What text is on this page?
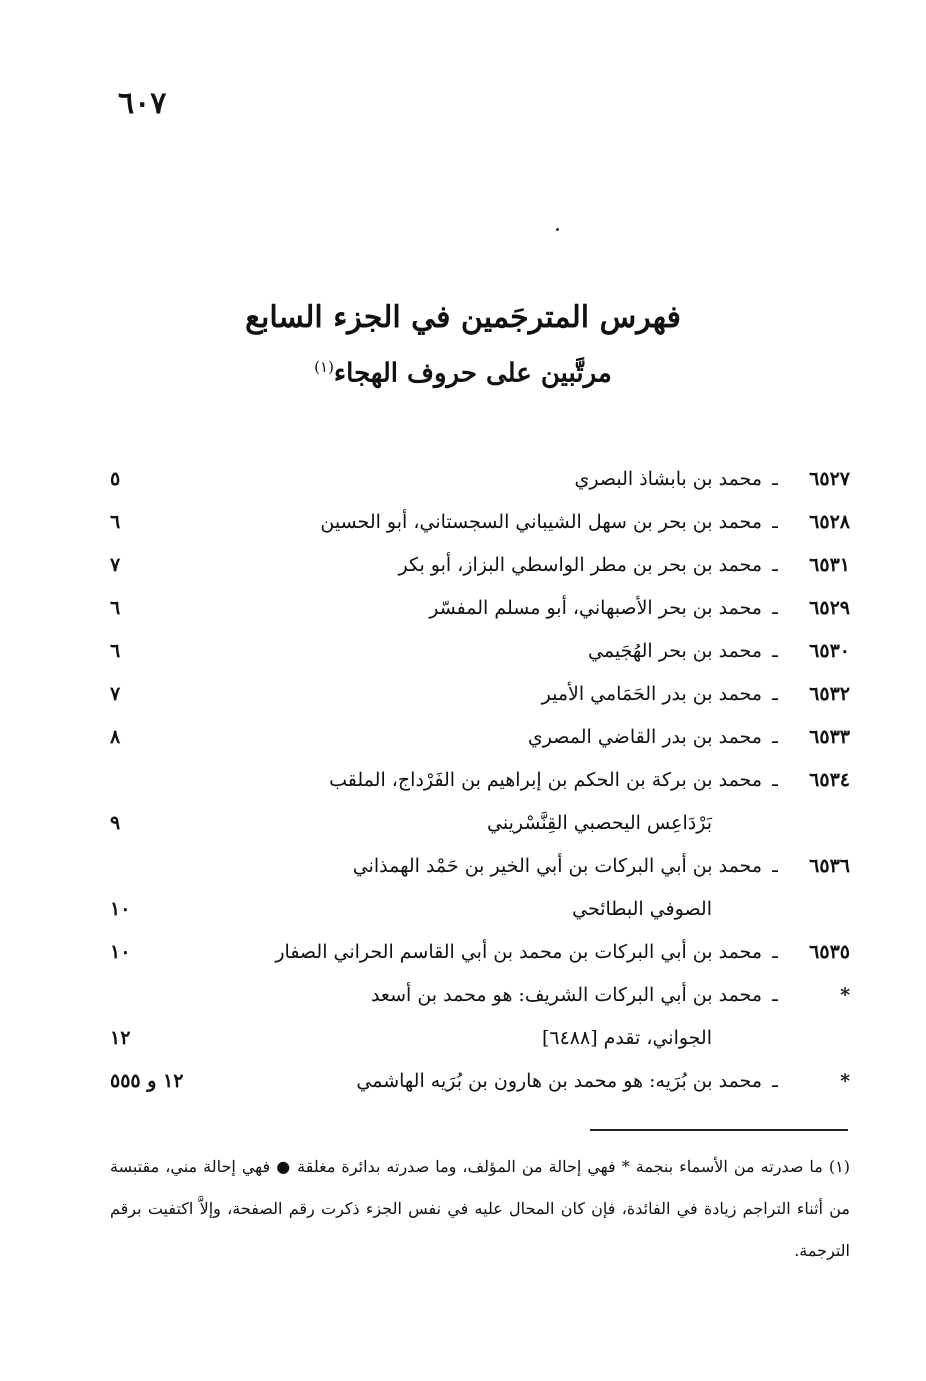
٦٠٧
فهرس المترجَمين في الجزء السابع
مرتَّبين على حروف الهجاء$^{(١)}$
٦٥٢٧
ـ
محمد بن بابشاذ البصري
٥
٦٥٢٨
ـ
محمد بن بحر بن سهل الشيباني السجستاني، أبو الحسين
٦
٦٥٣١
ـ
محمد بن بحر بن مطر الواسطي البزاز، أبو بكر
٧
٦٥٢٩
ـ
محمد بن بحر الأصبهاني، أبو مسلم المفسّر
٦
٦٥٣٠
ـ
محمد بن بحر الهُجَيمي
٦
٦٥٣٢
ـ
محمد بن بدر الحَمَامي الأمير
٧
٦٥٣٣
ـ
محمد بن بدر القاضي المصري
٨
٦٥٣٤
ـ
محمد بن بركة بن الحكم بن إبراهيم بن الفَرْداج، الملقب
بَرْدَاعِس اليحصبي القِنَّسْريني
٩
٦٥٣٦
ـ
محمد بن أبي البركات بن أبي الخير بن حَمْد الهمذاني
الصوفي البطائحي
١٠
٦٥٣٥
ـ
محمد بن أبي البركات بن محمد بن أبي القاسم الحراني الصفار
١٠
*
ـ
محمد بن أبي البركات الشريف: هو محمد بن أسعد
الجواني، تقدم [٦٤٨٨]
١٢
*
ـ
محمد بن بُرَيه: هو محمد بن هارون بن بُرَيه الهاشمي
١٢ و ٥٥٥
(١) ما صدرته من الأسماء بنجمة * فهي إحالة من المؤلف، وما صدرته بدائرة مغلقة ● فهي إحالة مني، مقتبسة من أثناء التراجم زيادة في الفائدة، فإن كان المحال عليه في نفس الجزء ذكرت رقم الصفحة، وإلاَّ اكتفيت برقم الترجمة.
